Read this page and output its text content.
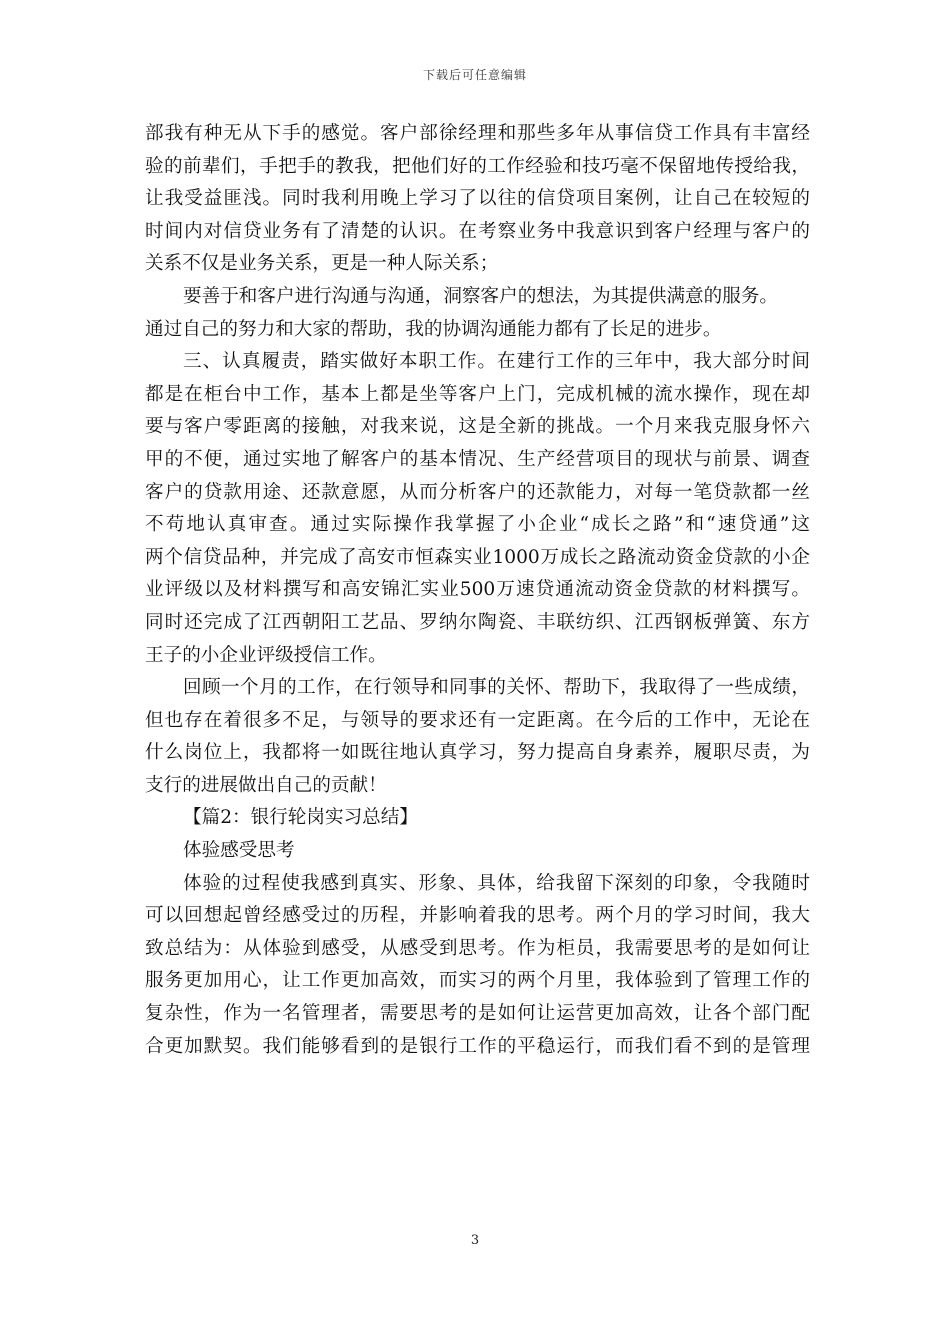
下载后可任意编辑
部我有种无从下手的感觉。客户部徐经理和那些多年从事信贷工作具有丰富经
验的前辈们，手把手的教我，把他们好的工作经验和技巧毫不保留地传授给我，
让我受益匪浅。同时我利用晚上学习了以往的信贷项目案例，让自己在较短的
时间内对信贷业务有了清楚的认识。在考察业务中我意识到客户经理与客户的
关系不仅是业务关系，更是一种人际关系；
要善于和客户进行沟通与沟通，洞察客户的想法，为其提供满意的服务。
通过自己的努力和大家的帮助，我的协调沟通能力都有了长足的进步。
三、认真履责，踏实做好本职工作。在建行工作的三年中，我大部分时间
都是在柜台中工作，基本上都是坐等客户上门，完成机械的流水操作，现在却
要与客户零距离的接触，对我来说，这是全新的挑战。一个月来我克服身怀六
甲的不便，通过实地了解客户的基本情况、生产经营项目的现状与前景、调查
客户的贷款用途、还款意愿，从而分析客户的还款能力，对每一笔贷款都一丝
不苟地认真审查。通过实际操作我掌握了小企业“成长之路”和“速贷通”这
两个信贷品种，并完成了高安市恒森实业1000万成长之路流动资金贷款的小企
业评级以及材料撰写和高安锦汇实业500万速贷通流动资金贷款的材料撰写。
同时还完成了江西朝阳工艺品、罗纳尔陶瓷、丰联纺织、江西钢板弹簧、东方
王子的小企业评级授信工作。
回顾一个月的工作，在行领导和同事的关怀、帮助下，我取得了一些成绩，
但也存在着很多不足，与领导的要求还有一定距离。在今后的工作中，无论在
什么岗位上，我都将一如既往地认真学习，努力提高自身素养，履职尽责，为
支行的进展做出自己的贡献！
【篇2：银行轮岗实习总结】
体验感受思考
体验的过程使我感到真实、形象、具体，给我留下深刻的印象，令我随时
可以回想起曾经感受过的历程，并影响着我的思考。两个月的学习时间，我大
致总结为：从体验到感受，从感受到思考。作为柜员，我需要思考的是如何让
服务更加用心，让工作更加高效，而实习的两个月里，我体验到了管理工作的
复杂性，作为一名管理者，需要思考的是如何让运营更加高效，让各个部门配
合更加默契。我们能够看到的是银行工作的平稳运行，而我们看不到的是管理
3
